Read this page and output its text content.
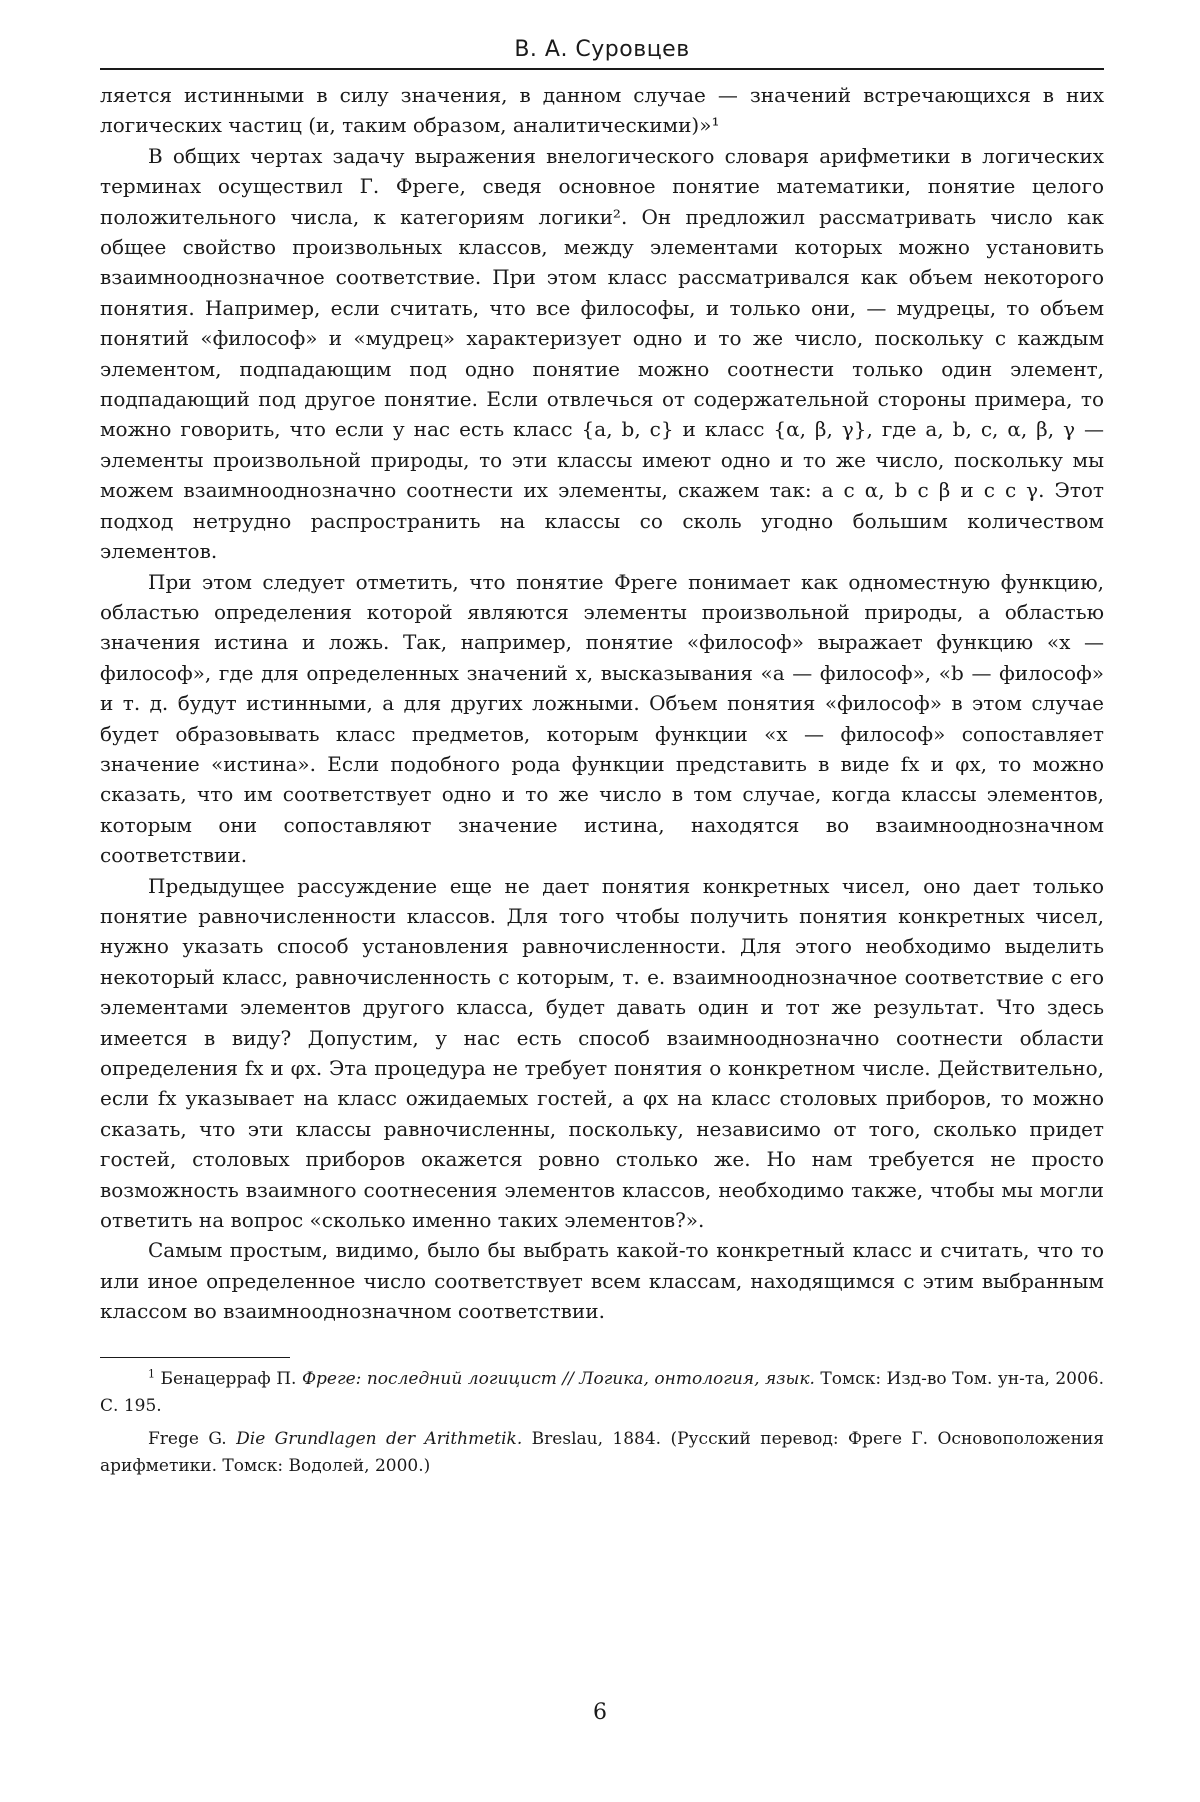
В. А. Суровцев

ляется истинными в силу значения, в данном случае — значений встречающихся в них логических частиц (и, таким образом, аналитическими)»¹

В общих чертах задачу выражения внелогического словаря арифметики в логических терминах осуществил Г. Фреге, сведя основное понятие математики, понятие целого положительного числа, к категориям логики². Он предложил рассматривать число как общее свойство произвольных классов, между элементами которых можно установить взаимнооднозначное соответствие. При этом класс рассматривался как объем некоторого понятия. Например, если считать, что все философы, и только они, — мудрецы, то объем понятий «философ» и «мудрец» характеризует одно и то же число, поскольку с каждым элементом, подпадающим под одно понятие можно соотнести только один элемент, подпадающий под другое понятие. Если отвлечься от содержательной стороны примера, то можно говорить, что если у нас есть класс {a, b, c} и класс {α, β, γ}, где a, b, c, α, β, γ — элементы произвольной природы, то эти классы имеют одно и то же число, поскольку мы можем взаимнооднозначно соотнести их элементы, скажем так: a c α, b c β и c c γ. Этот подход нетрудно распространить на классы со сколь угодно большим количеством элементов.

При этом следует отметить, что понятие Фреге понимает как одноместную функцию, областью определения которой являются элементы произвольной природы, а областью значения истина и ложь. Так, например, понятие «философ» выражает функцию «x — философ», где для определенных значений x, высказывания «a — философ», «b — философ» и т. д. будут истинными, а для других ложными. Объем понятия «философ» в этом случае будет образовывать класс предметов, которым функции «x — философ» сопоставляет значение «истина». Если подобного рода функции представить в виде fx и φx, то можно сказать, что им соответствует одно и то же число в том случае, когда классы элементов, которым они сопоставляют значение истина, находятся во взаимнооднозначном соответствии.

Предыдущее рассуждение еще не дает понятия конкретных чисел, оно дает только понятие равночисленности классов. Для того чтобы получить понятия конкретных чисел, нужно указать способ установления равночисленности. Для этого необходимо выделить некоторый класс, равночисленность с которым, т. е. взаимнооднозначное соответствие с его элементами элементов другого класса, будет давать один и тот же результат. Что здесь имеется в виду? Допустим, у нас есть способ взаимнооднозначно соотнести области определения fx и φx. Эта процедура не требует понятия о конкретном числе. Действительно, если fx указывает на класс ожидаемых гостей, а φx на класс столовых приборов, то можно сказать, что эти классы равночисленны, поскольку, независимо от того, сколько придет гостей, столовых приборов окажется ровно столько же. Но нам требуется не просто возможность взаимного соотнесения элементов классов, необходимо также, чтобы мы могли ответить на вопрос «сколько именно таких элементов?».

Самым простым, видимо, было бы выбрать какой-то конкретный класс и считать, что то или иное определенное число соответствует всем классам, находящимся с этим выбранным классом во взаимнооднозначном соответствии.

$^1$ Бенацерраф П. Фреге: последний логицист // Логика, онтология, язык. Томск: Изд-во Том. ун-та, 2006. С. 195.

Frege G. Die Grundlagen der Arithmetik. Breslau, 1884. (Русский перевод: Фреге Г. Основоположения арифметики. Томск: Водолей, 2000.)

6
